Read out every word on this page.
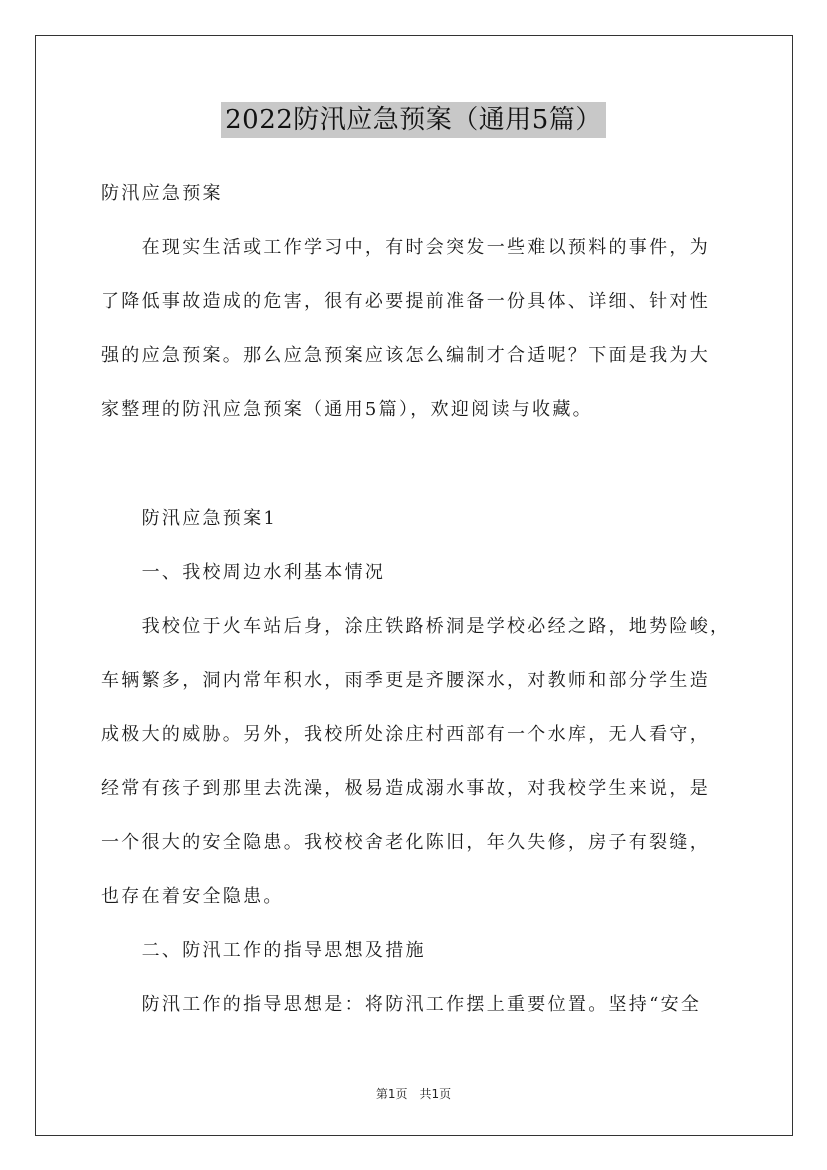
2022防汛应急预案（通用5篇）
防汛应急预案
　　在现实生活或工作学习中，有时会突发一些难以预料的事件，为
了降低事故造成的危害，很有必要提前准备一份具体、详细、针对性
强的应急预案。那么应急预案应该怎么编制才合适呢？下面是我为大
家整理的防汛应急预案（通用5篇），欢迎阅读与收藏。
　　防汛应急预案1
　　一、我校周边水利基本情况
　　我校位于火车站后身，涂庄铁路桥洞是学校必经之路，地势险峻，
车辆繁多，洞内常年积水，雨季更是齐腰深水，对教师和部分学生造
成极大的威胁。另外，我校所处涂庄村西部有一个水库，无人看守，
经常有孩子到那里去洗澡，极易造成溺水事故，对我校学生来说，是
一个很大的安全隐患。我校校舍老化陈旧，年久失修，房子有裂缝，
也存在着安全隐患。
　　二、防汛工作的指导思想及措施
　　防汛工作的指导思想是：将防汛工作摆上重要位置。坚持“安全
第1页　共1页
